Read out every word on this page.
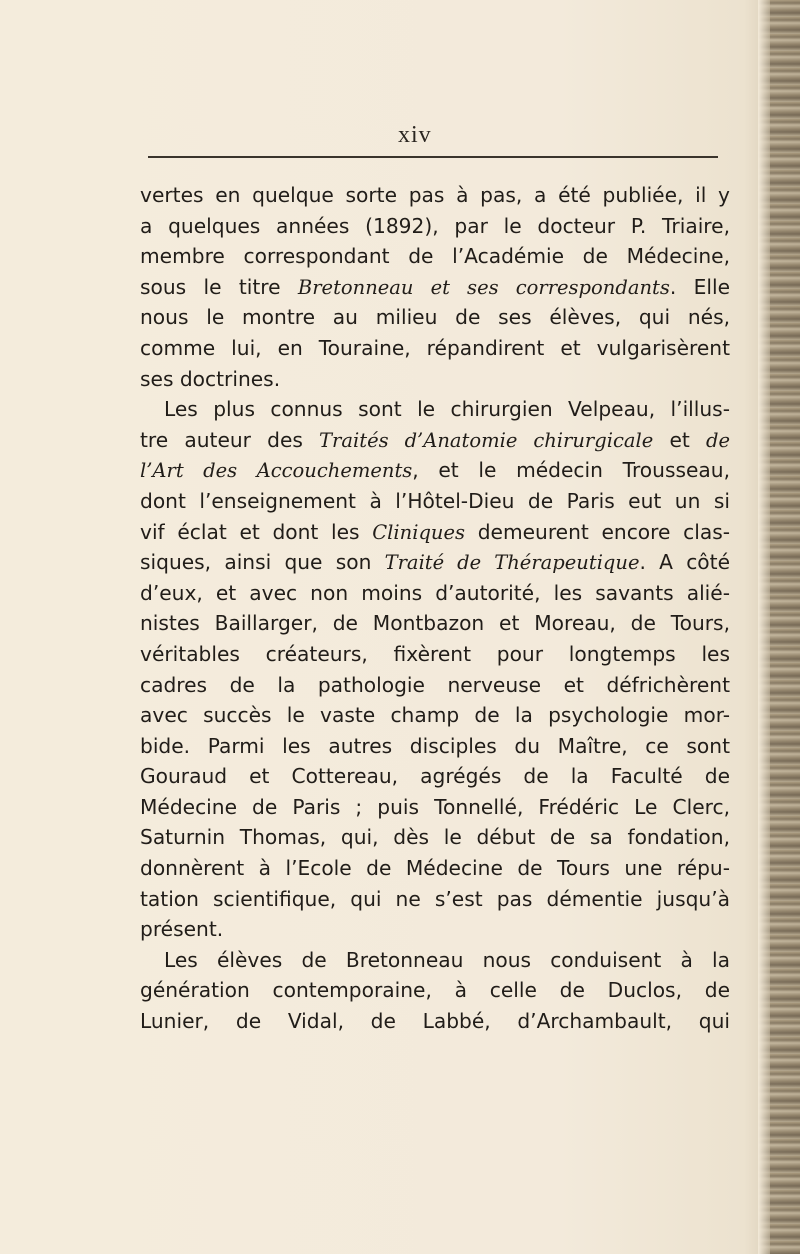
xiv
vertes en quelque sorte pas à pas, a été publiée, il y
a quelques années (1892), par le docteur P. Triaire,
membre correspondant de l’Académie de Médecine,
sous le titre Bretonneau et ses correspondants. Elle
nous le montre au milieu de ses élèves, qui nés,
comme lui, en Touraine, répandirent et vulgarisèrent
ses doctrines.
Les plus connus sont le chirurgien Velpeau, l’illus-
tre auteur des Traités d’Anatomie chirurgicale et de
l’Art des Accouchements, et le médecin Trousseau,
dont l’enseignement à l’Hôtel-Dieu de Paris eut un si
vif éclat et dont les Cliniques demeurent encore clas-
siques, ainsi que son Traité de Thérapeutique. A côté
d’eux, et avec non moins d’autorité, les savants alié-
nistes Baillarger, de Montbazon et Moreau, de Tours,
véritables créateurs, fixèrent pour longtemps les
cadres de la pathologie nerveuse et défrichèrent
avec succès le vaste champ de la psychologie mor-
bide. Parmi les autres disciples du Maître, ce sont
Gouraud et Cottereau, agrégés de la Faculté de
Médecine de Paris ; puis Tonnellé, Frédéric Le Clerc,
Saturnin Thomas, qui, dès le début de sa fondation,
donnèrent à l’Ecole de Médecine de Tours une répu-
tation scientifique, qui ne s’est pas démentie jusqu’à
présent.
Les élèves de Bretonneau nous conduisent à la
génération contemporaine, à celle de Duclos, de
Lunier, de Vidal, de Labbé, d’Archambault, qui
